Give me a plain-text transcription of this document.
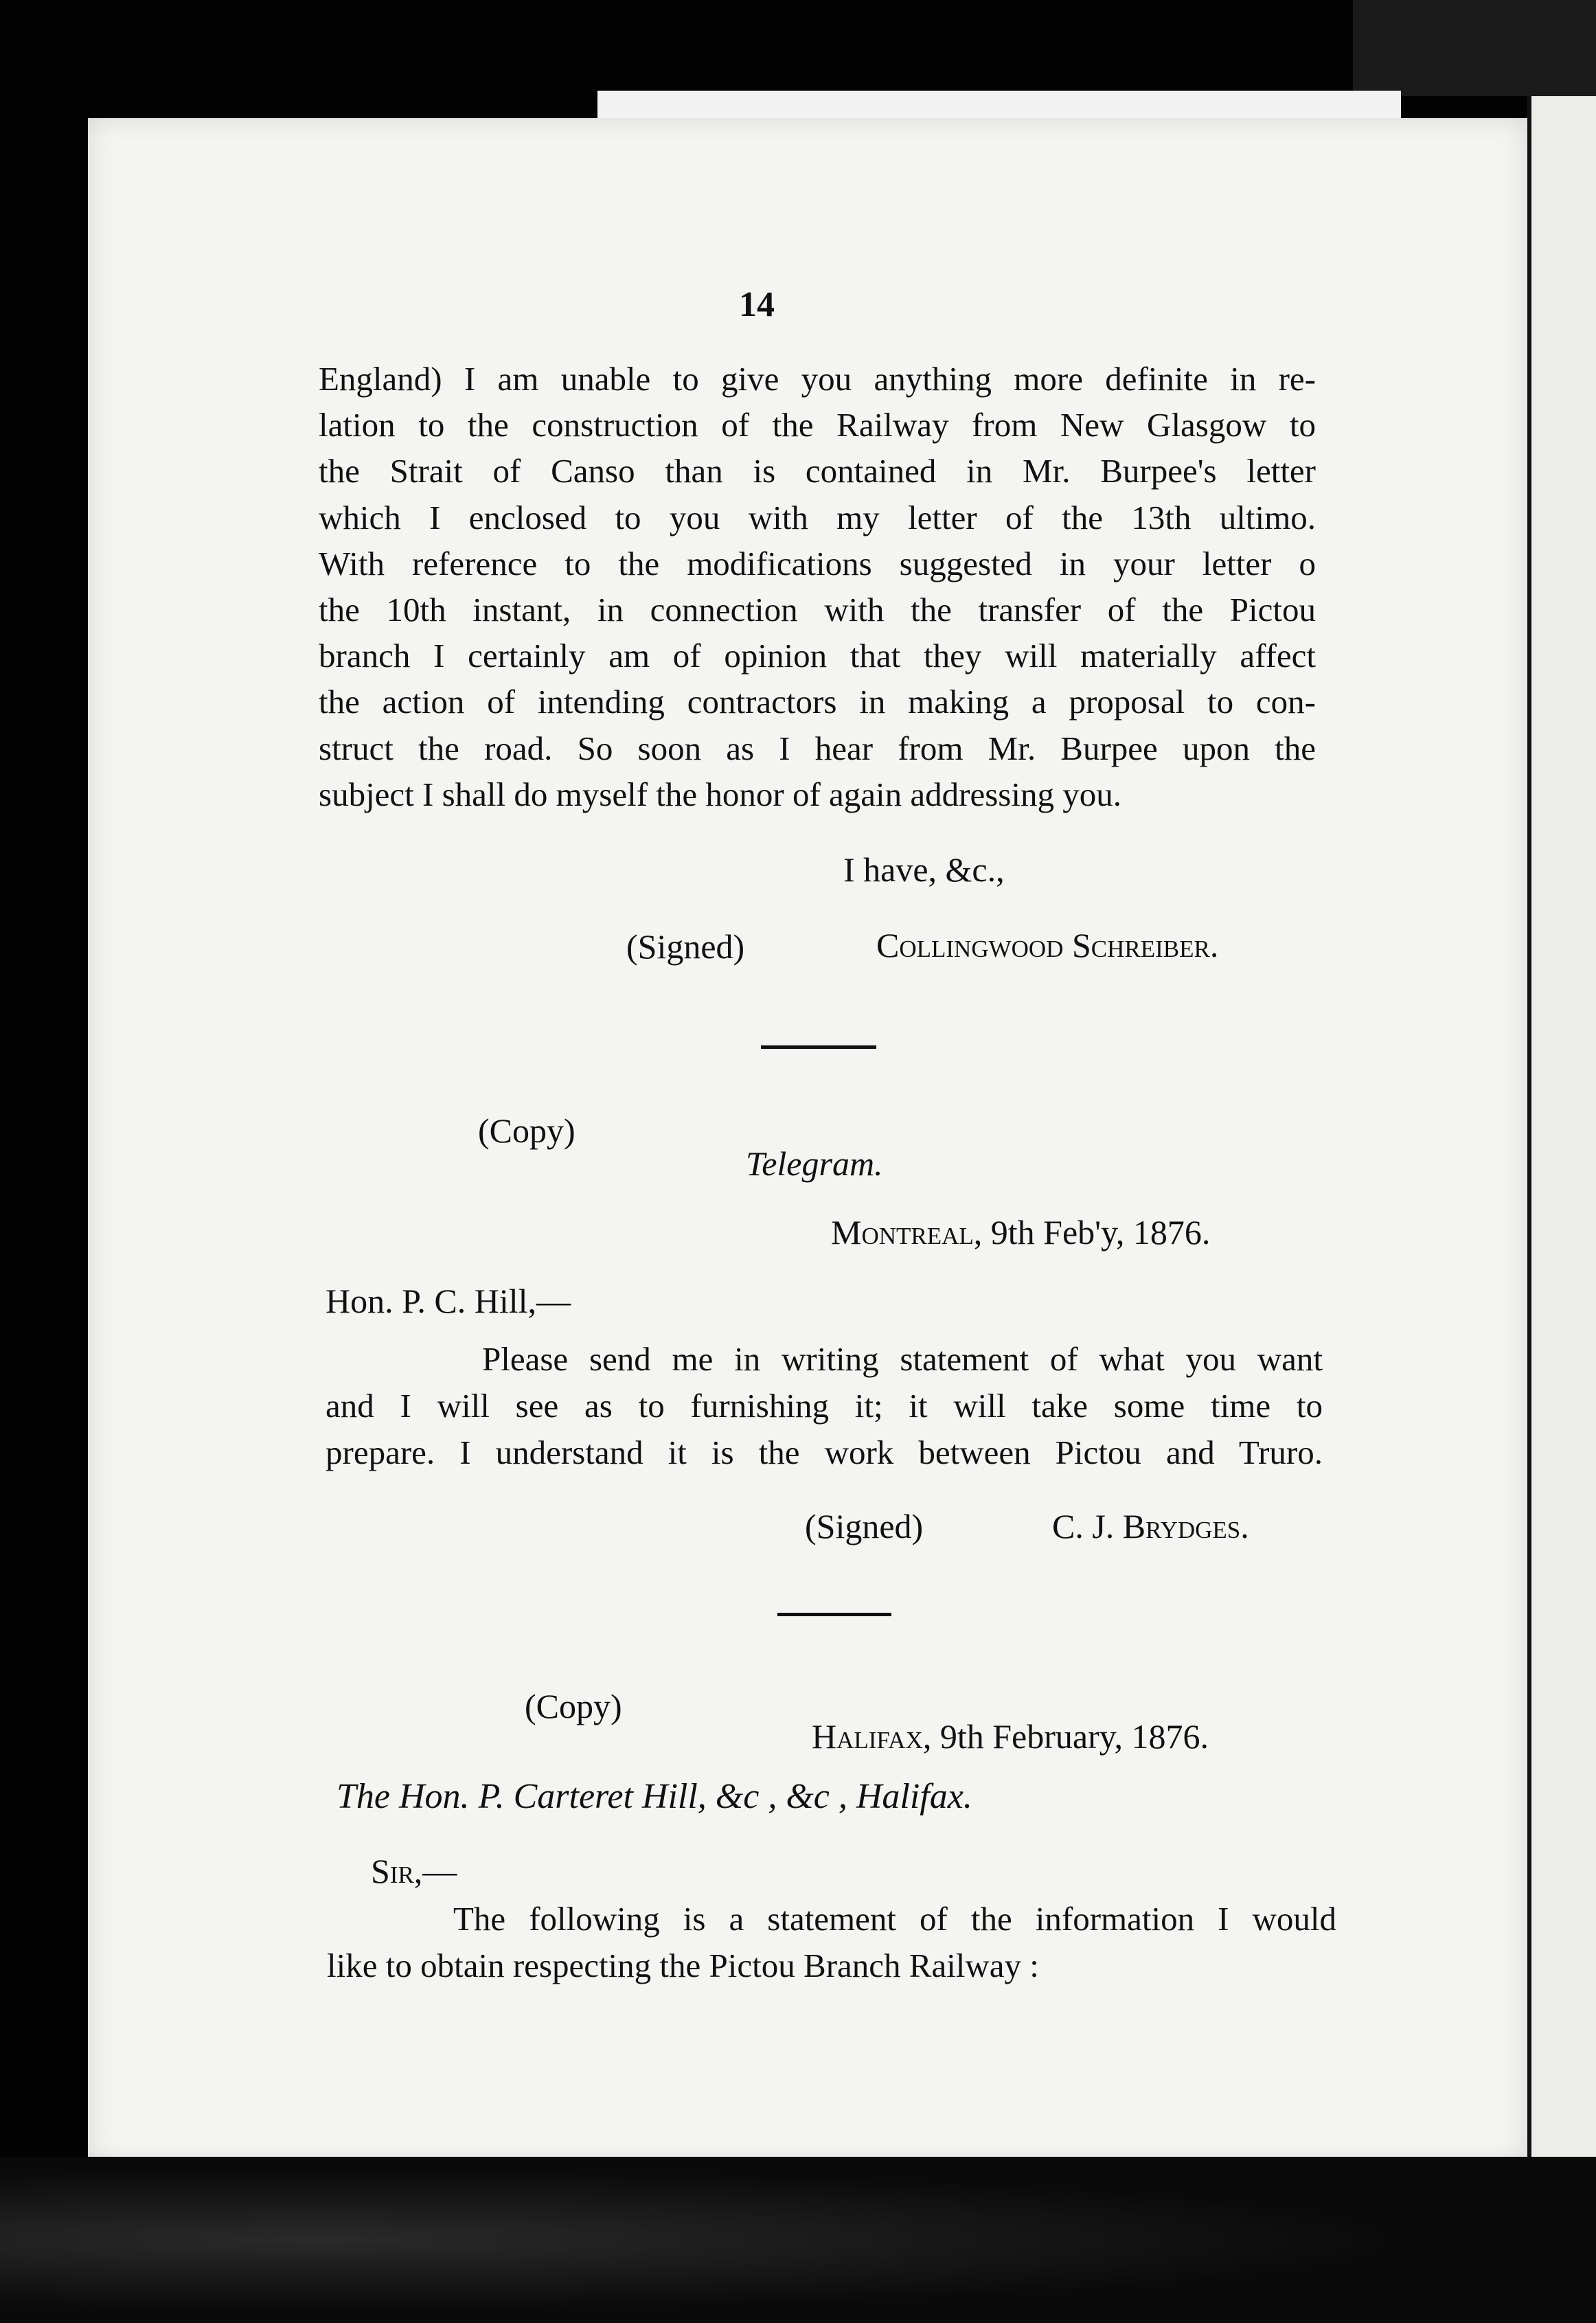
14
England) I am unable to give you anything more definite in re-
lation to the construction of the Railway from New Glasgow to
the Strait of Canso than is contained in Mr. Burpee's letter
which I enclosed to you with my letter of the 13th ultimo.
With reference to the modifications suggested in your letter o
the 10th instant, in connection with the transfer of the Pictou
branch I certainly am of opinion that they will materially affect
the action of intending contractors in making a proposal to con-
struct the road. So soon as I hear from Mr. Burpee upon the
subject I shall do myself the honor of again addressing you.
I have, &c.,
(Signed)	Collingwood Schreiber.
(Copy)
Telegram.
Montreal, 9th Feb'y, 1876.
Hon. P. C. Hill,—
Please send me in writing statement of what you want
and I will see as to furnishing it; it will take some time to
prepare. I understand it is the work between Pictou and Truro.
(Signed)	C. J. Brydges.
(Copy)
Halifax, 9th February, 1876.
The Hon. P. Carteret Hill, &c , &c , Halifax.
Sir,—
The following is a statement of the information I would
like to obtain respecting the Pictou Branch Railway :
